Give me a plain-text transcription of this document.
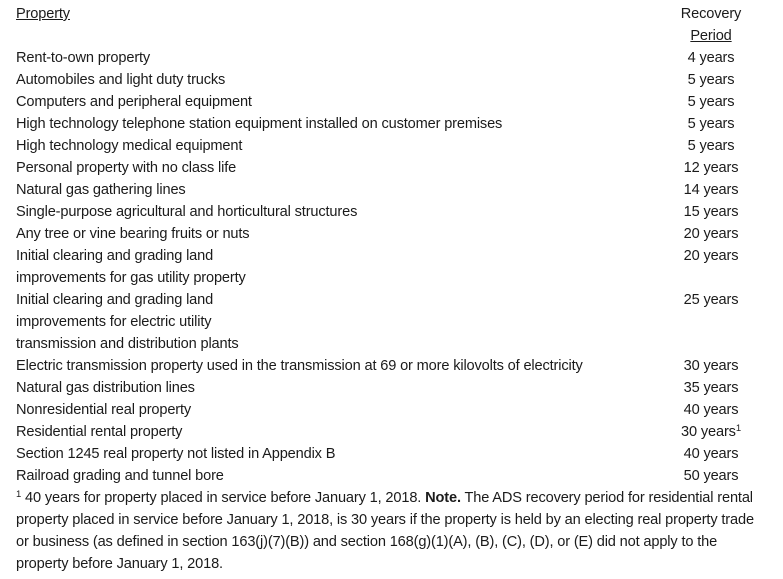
Property	Recovery
Period

Rent-to-own property	4 years

Automobiles and light duty trucks	5 years

Computers and peripheral equipment	5 years

High technology telephone station equipment installed on customer premises	5 years

High technology medical equipment	5 years

Personal property with no class life	12 years

Natural gas gathering lines	14 years

Single-purpose agricultural and horticultural structures	15 years

Any tree or vine bearing fruits or nuts	20 years

Initial clearing and grading land
improvements for gas utility property	20 years

Initial clearing and grading land
improvements for electric utility
transmission and distribution plants	25 years

Electric transmission property used in the transmission at 69 or more kilovolts of electricity	30 years

Natural gas distribution lines	35 years

Nonresidential real property	40 years

Residential rental property	30 years$^1$

Section 1245 real property not listed in Appendix B	40 years

Railroad grading and tunnel bore	50 years
$^1$ 40 years for property placed in service before January 1, 2018. Note. The ADS recovery period for residential rental property placed in service before January 1, 2018, is 30 years if the property is held by an electing real property trade or business (as defined in section 163(j)(7)(B)) and section 168(g)(1)(A), (B), (C), (D), or (E) did not apply to the property before January 1, 2018.
